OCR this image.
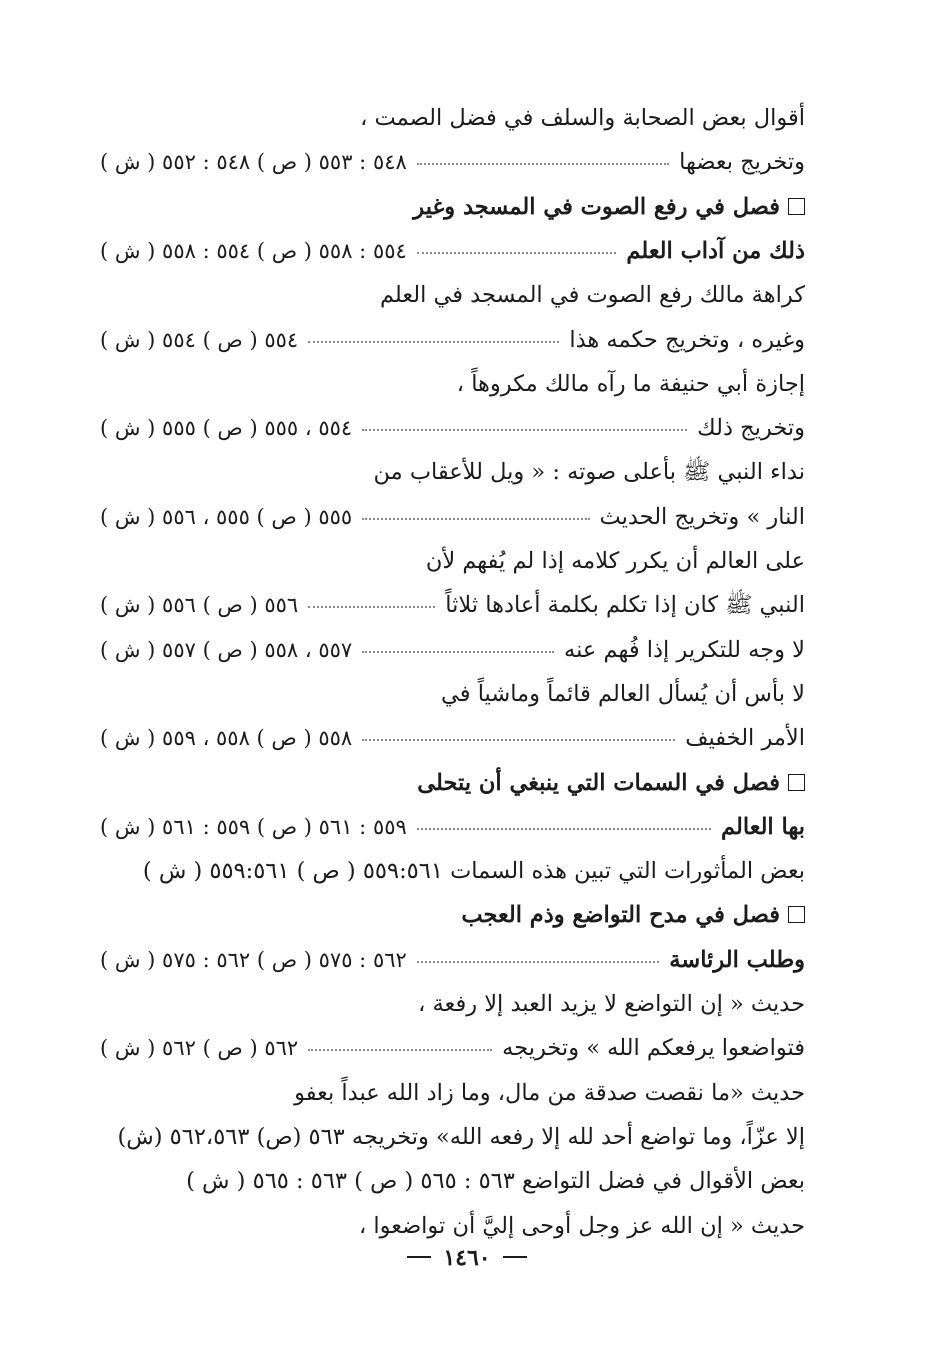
أقوال بعض الصحابة والسلف في فضل الصمت ،
وتخريج بعضها
٥٤٨ : ٥٥٣ ( ص ) ٥٤٨ : ٥٥٢ ( ش )
فصل في رفع الصوت في المسجد وغير
ذلك من آداب العلم
٥٥٤ : ٥٥٨ ( ص ) ٥٥٤ : ٥٥٨ ( ش )
كراهة مالك رفع الصوت في المسجد في العلم
وغيره ، وتخريج حكمه هذا
٥٥٤ ( ص ) ٥٥٤ ( ش )
إجازة أبي حنيفة ما رآه مالك مكروهاً ،
وتخريج ذلك
٥٥٤ ، ٥٥٥ ( ص ) ٥٥٥ ( ش )
نداء النبي ﷺ بأعلى صوته : « ويل للأعقاب من
النار » وتخريج الحديث
٥٥٥ ( ص ) ٥٥٥ ، ٥٥٦ ( ش )
على العالم أن يكرر كلامه إذا لم يُفهم لأن
النبي ﷺ كان إذا تكلم بكلمة أعادها ثلاثاً
٥٥٦ ( ص ) ٥٥٦ ( ش )
لا وجه للتكرير إذا فُهم عنه
٥٥٧ ، ٥٥٨ ( ص ) ٥٥٧ ( ش )
لا بأس أن يُسأل العالم قائماً وماشياً في
الأمر الخفيف
٥٥٨ ( ص ) ٥٥٨ ، ٥٥٩ ( ش )
فصل في السمات التي ينبغي أن يتحلى
بها العالم
٥٥٩ : ٥٦١ ( ص ) ٥٥٩ : ٥٦١ ( ش )
بعض المأثورات التي تبين هذه السمات ٥٥٩:٥٦١ ( ص ) ٥٥٩:٥٦١ ( ش )
فصل في مدح التواضع وذم العجب
وطلب الرئاسة
٥٦٢ : ٥٧٥ ( ص ) ٥٦٢ : ٥٧٥ ( ش )
حديث « إن التواضع لا يزيد العبد إلا رفعة ،
فتواضعوا يرفعكم الله » وتخريجه
٥٦٢ ( ص ) ٥٦٢ ( ش )
حديث «ما نقصت صدقة من مال، وما زاد الله عبداً بعفو
إلا عزّاً، وما تواضع أحد لله إلا رفعه الله» وتخريجه ٥٦٣ (ص) ٥٦٢،٥٦٣ (ش)
بعض الأقوال في فضل التواضع ٥٦٣ : ٥٦٥ ( ص ) ٥٦٣ : ٥٦٥ ( ش )
حديث « إن الله عز وجل أوحى إليَّ أن تواضعوا ،
١٤٦٠
